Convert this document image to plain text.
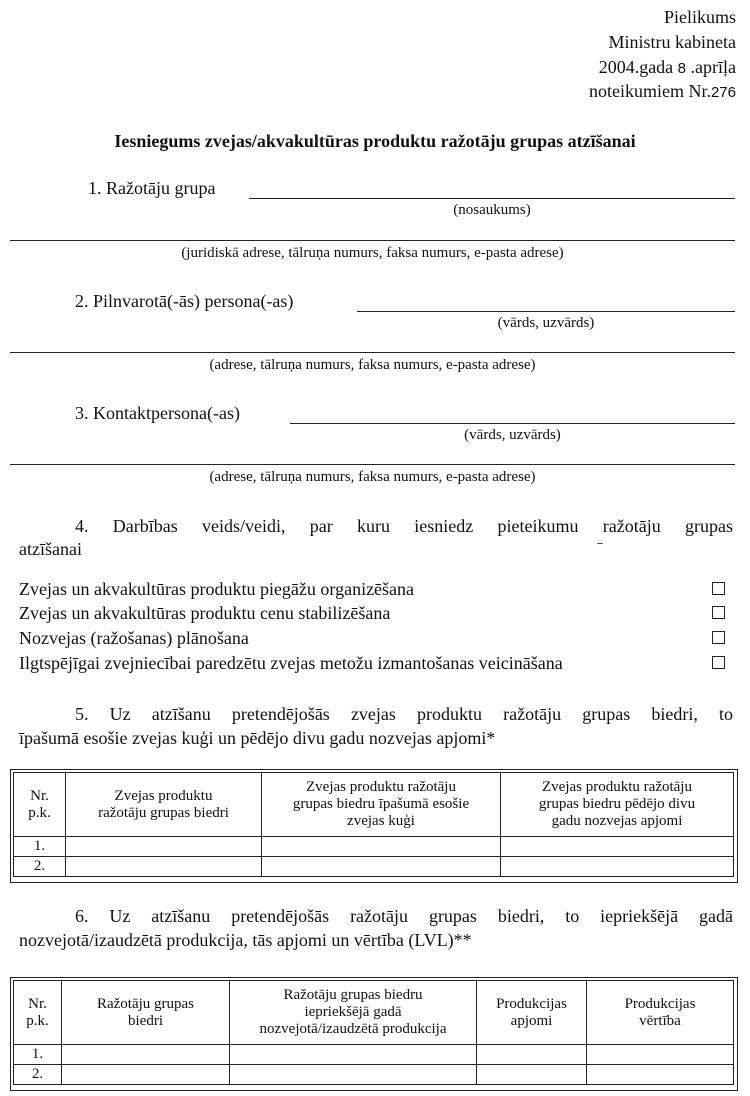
Pielikums
Ministru kabineta
2004.gada 8 .aprīļa
noteikumiem Nr.276
Iesniegums zvejas/akvakultūras produktu ražotāju grupas atzīšanai
1. Ražotāju grupa
(nosaukums)
(juridiskā adrese, tālruņa numurs, faksa numurs, e-pasta adrese)
2. Pilnvarotā(-ās) persona(-as)
(vārds, uzvārds)
(adrese, tālruņa numurs, faksa numurs, e-pasta adrese)
3. Kontaktpersona(-as)
(vārds, uzvārds)
(adrese, tālruņa numurs, faksa numurs, e-pasta adrese)
4. Darbības veids/veidi, par kuru iesniedz pieteikumu ražotāju grupas
atzīšanai
Zvejas un akvakultūras produktu piegāžu organizēšana
Zvejas un akvakultūras produktu cenu stabilizēšana
Nozvejas (ražošanas) plānošana
Ilgtspējīgai zvejniecībai paredzētu zvejas metožu izmantošanas veicināšana
5. Uz atzīšanu pretendējošās zvejas produktu ražotāju grupas biedri, to
īpašumā esošie zvejas kuģi un pēdējo divu gadu nozvejas apjomi*
Nr.
p.k.	Zvejas produktu
ražotāju grupas biedri	Zvejas produktu ražotāju
grupas biedru īpašumā esošie
zvejas kuģi	Zvejas produktu ražotāju
grupas biedru pēdējo divu
gadu nozvejas apjomi
1.			
2.			
6. Uz atzīšanu pretendējošās ražotāju grupas biedri, to iepriekšējā gadā
nozvejotā/izaudzētā produkcija, tās apjomi un vērtība (LVL)**
Nr.
p.k.	Ražotāju grupas
biedri	Ražotāju grupas biedru
iepriekšējā gadā
nozvejotā/izaudzētā produkcija	Produkcijas
apjomi	Produkcijas
vērtība
1.				
2.				
